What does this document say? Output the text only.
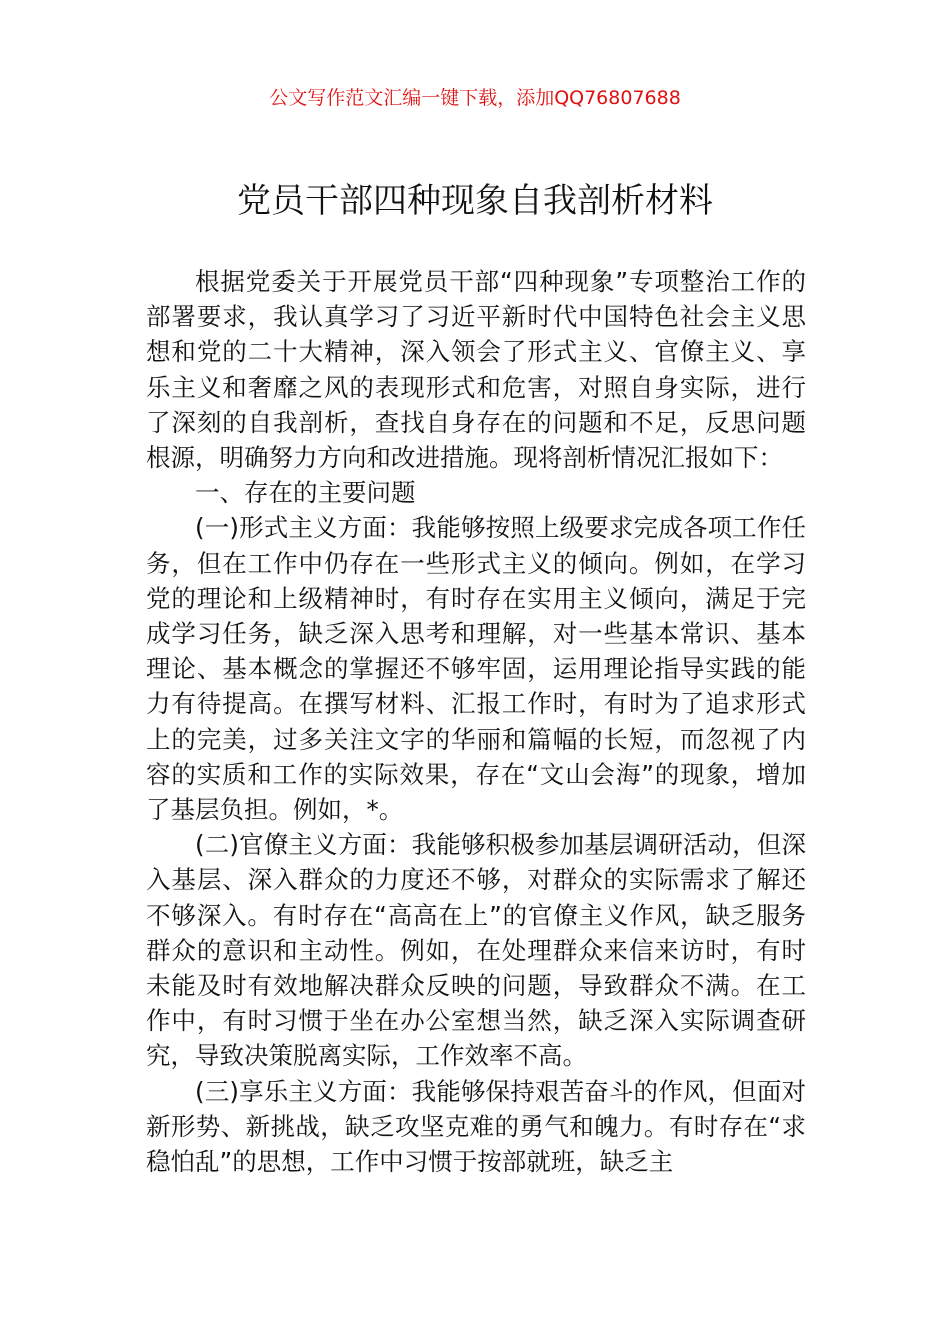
公文写作范文汇编一键下载，添加QQ76807688
党员干部四种现象自我剖析材料

根据党委关于开展党员干部“四种现象”专项整治工作的部署要求，我认真学习了习近平新时代中国特色社会主义思想和党的二十大精神，深入领会了形式主义、官僚主义、享乐主义和奢靡之风的表现形式和危害，对照自身实际，进行了深刻的自我剖析，查找自身存在的问题和不足，反思问题根源，明确努力方向和改进措施。现将剖析情况汇报如下：

一、存在的主要问题

(一)形式主义方面：我能够按照上级要求完成各项工作任务，但在工作中仍存在一些形式主义的倾向。例如，在学习党的理论和上级精神时，有时存在实用主义倾向，满足于完成学习任务，缺乏深入思考和理解，对一些基本常识、基本理论、基本概念的掌握还不够牢固，运用理论指导实践的能力有待提高。在撰写材料、汇报工作时，有时为了追求形式上的完美，过多关注文字的华丽和篇幅的长短，而忽视了内容的实质和工作的实际效果，存在“文山会海”的现象，增加了基层负担。例如，*。

(二)官僚主义方面：我能够积极参加基层调研活动，但深入基层、深入群众的力度还不够，对群众的实际需求了解还不够深入。有时存在“高高在上”的官僚主义作风，缺乏服务群众的意识和主动性。例如，在处理群众来信来访时，有时未能及时有效地解决群众反映的问题，导致群众不满。在工作中，有时习惯于坐在办公室想当然，缺乏深入实际调查研究，导致决策脱离实际，工作效率不高。

(三)享乐主义方面：我能够保持艰苦奋斗的作风，但面对新形势、新挑战，缺乏攻坚克难的勇气和魄力。有时存在“求稳怕乱”的思想，工作中习惯于按部就班，缺乏主
